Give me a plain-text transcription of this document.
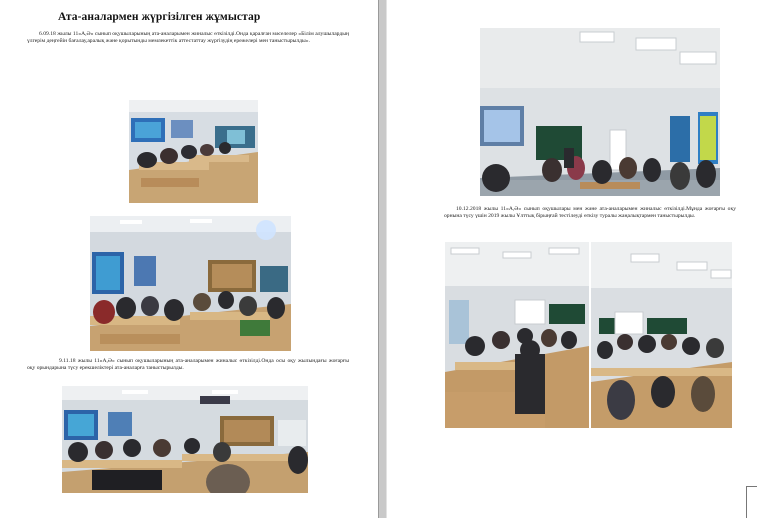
Ата-аналармен жүргізілген жұмыстар

6.09.18 жылы 11«А,Ә» сынып оқушыларының ата-аналарымен жиналыс өткізілді.Онда қаралған мәселелер «Білім алушылардың үлгерім деңгейін бағалау,аралық және қорытынды мемлекеттік аттестаттау жүргізудің ережелері мен таныстырылды».

9.11.18 жылы 11«А,Ә» сынып оқушыларының ата-аналарымен жиналыс өткізілді.Онда осы оқу жылындағы жоғарғы оқу орындарына түсу ерекшеліктері ата-аналарға таныстырылды.

10.12.2018 жылы 11«А,Ә» сынып оқушылары мен және ата-аналарымен жиналыс өткізілді.Мұнда жоғарғы оқу орнына түсу үшін 2019 жылы Ұлттық бірыңғай тестілеуді өткізу туралы жаңалықтармен таныстырылды.
